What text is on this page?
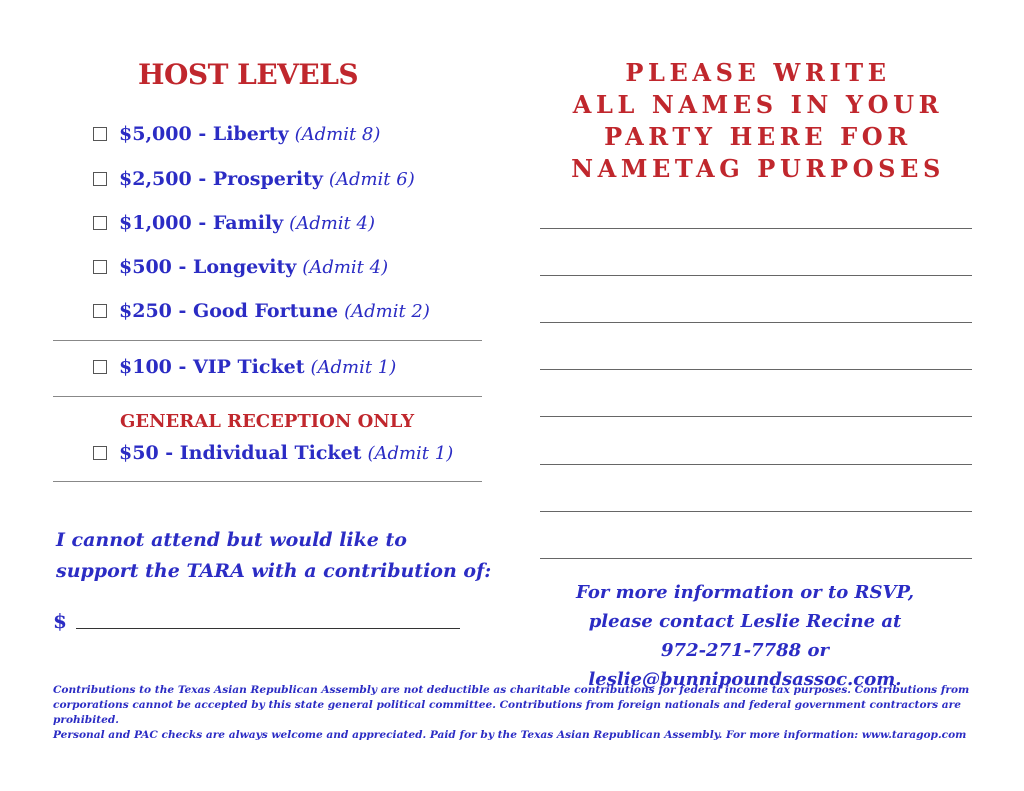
HOST LEVELS
$5,000 - Liberty (Admit 8)
$2,500 - Prosperity (Admit 6)
$1,000 - Family (Admit 4)
$500 - Longevity (Admit 4)
$250 - Good Fortune (Admit 2)
$100 - VIP Ticket (Admit 1)
GENERAL RECEPTION ONLY
$50 - Individual Ticket (Admit 1)
I cannot attend but would like to
support the TARA with a contribution of:
$
PLEASE WRITE
ALL NAMES IN YOUR
PARTY HERE FOR
NAMETAG PURPOSES
For more information or to RSVP,
please contact Leslie Recine at
972-271-7788 or leslie@bunnipoundsassoc.com.
Contributions to the Texas Asian Republican Assembly are not deductible as charitable contributions for federal income tax purposes. Contributions from
corporations cannot be accepted by this state general political committee. Contributions from foreign nationals and federal government contractors are prohibited.
Personal and PAC checks are always welcome and appreciated. Paid for by the Texas Asian Republican Assembly. For more information: www.taragop.com
